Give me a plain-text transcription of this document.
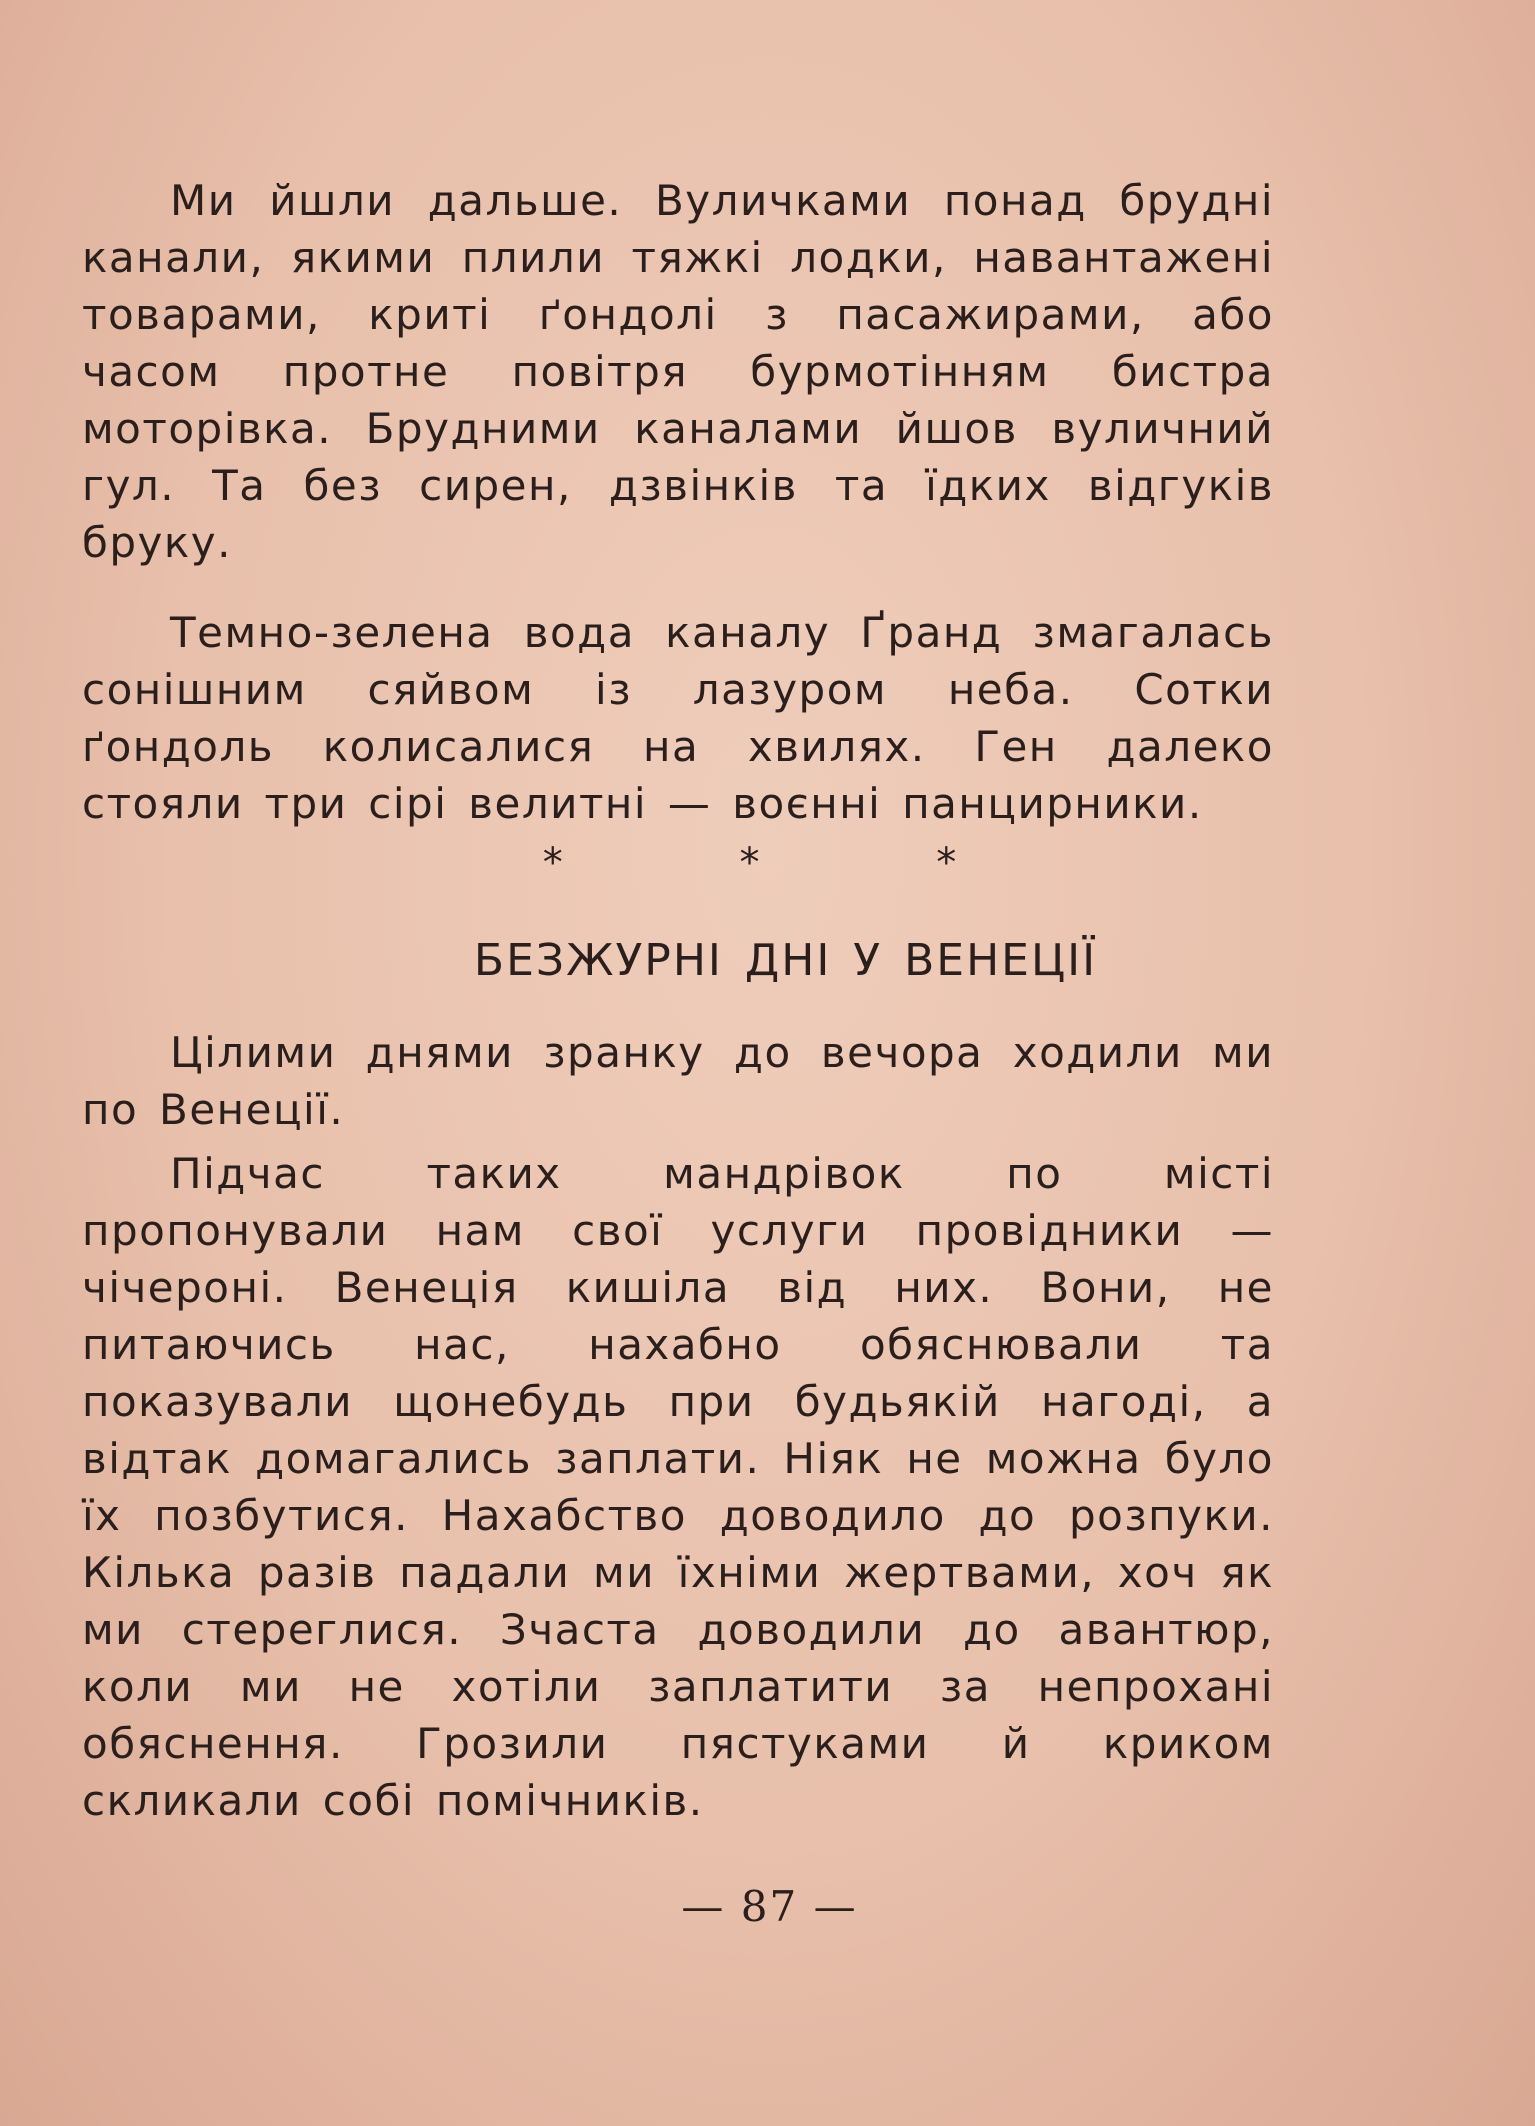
Ми йшли дальше. Вуличками понад брудні канали, якими плили тяжкі лодки, навантажені товарами, криті ґондолі з пасажирами, або часом протне повітря бурмотінням бистра моторівка. Брудними каналами йшов вуличний гул. Та без сирен, дзвінків та їдких відгуків бруку.

Темно-зелена вода каналу Ґранд змагалась сонішним сяйвом із лазуром неба. Сотки ґондоль колисалися на хвилях. Ген далеко стояли три сірі велитні — воєнні панцирники.

* * *
БЕЗЖУРНІ ДНІ У ВЕНЕЦІЇ

Цілими днями зранку до вечора ходили ми по Венеції.

Підчас таких мандрівок по місті пропонували нам свої услуги провідники — чічероні. Венеція кишіла від них. Вони, не питаючись нас, нахабно обяснювали та показували щонебудь при будьякій нагоді, а відтак домагались заплати. Ніяк не можна було їх позбутися. Нахабство доводило до розпуки. Кілька разів падали ми їхніми жертвами, хоч як ми стереглися. Зчаста доводили до авантюр, коли ми не хотіли заплатити за непрохані обяснення. Грозили пястуками й криком скликали собі помічників.

— 87 —
